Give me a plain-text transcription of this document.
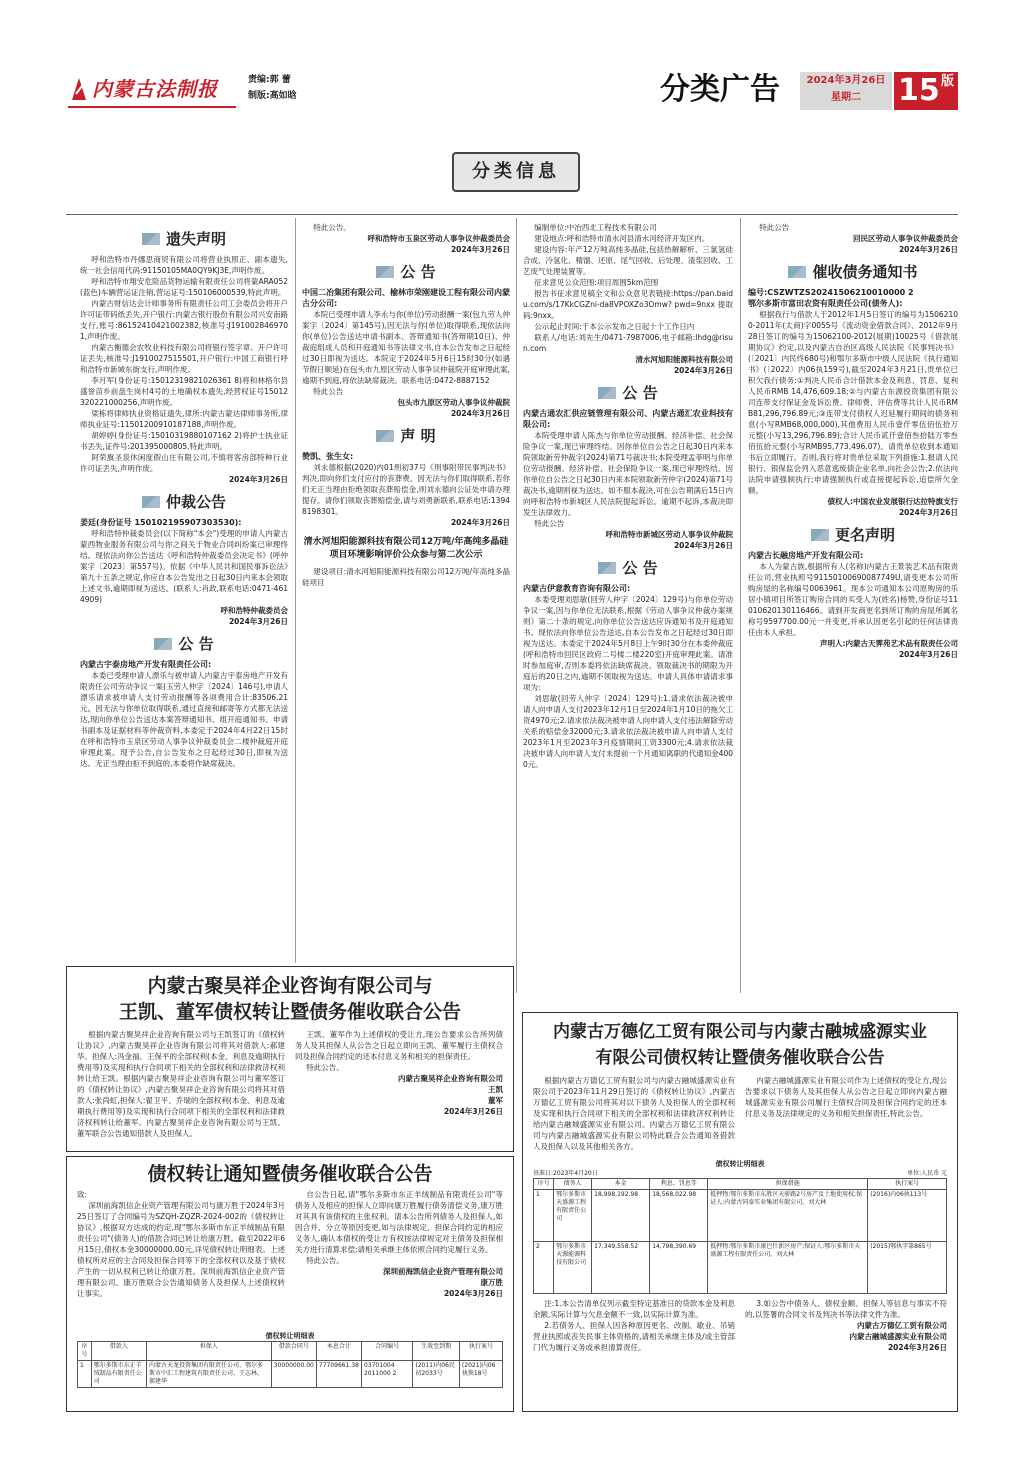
内蒙古法制报	责编:郭 蕾
制版:高如晗	分类广告	2024年3月26日
星期二	15 版
分类信息
遗失声明

呼和浩特市丹娜思商贸有限公司将营业执照正、副本遗失,统一社会信用代码:91150105MA0QY9KJ3E,声明作废。

呼和浩特市翔安危险品货物运输有限责任公司将蒙ARA052(蓝色)车辆营运证注销,营运证号:150106000539,特此声明。

内蒙古财信达会计师事务所有限责任公司工会委员会将开户许可证带码纸丢失,开户银行:内蒙古银行股份有限公司兴安南路支行,账号:86152410421002382,核准号:J1910028469701,声明作废。

内蒙古衡德会农牧业科技有限公司将银行签字章、开户许可证丢失,核准号:J1910027515501,开户银行:中国工商银行呼和浩特市新城东街支行,声明作废。

李月军(身份证号:15012319821026361 8)将和林格尔县盛誉苗乡前盘生岗村4号的土地确权本遗失,经营权证号15012320221000256,声明作废。

梁栋将律师执业资格证遗失,律所:内蒙古蒙达律师事务所,律师执业证号:11501200910187188,声明作废。

胡婷婷(身份证号:15010319880107162 2)将护士执业证书丢失,证件号:201395000805,特此声明。

阿荣旗圣泉休闲度假山庄有限公司,不慎将客房部特种行业许可证丢失,声明作废。

2024年3月26日

仲裁公告

姜廷(身份证号 150102195907303530):

呼和浩特仲裁委员会(以下简称"本会")受理的申请人内蒙古蒙西物业服务有限公司与你之间关于物业合同纠纷案已审理终结。现依法向你公告送达《呼和浩特仲裁委员会决定书》(呼仲案字〔2023〕第557号)。依据《中华人民共和国民事诉讼法》第九十五条之规定,你应自本公告发出之日起30日内来本会领取上述文书,逾期即视为送达。(联系人:肖政,联系电话:0471-4614909)

呼和浩特仲裁委员会

2024年3月26日

公 告

内蒙古宇泰房地产开发有限责任公司:

本委已受理申请人漂乐与被申请人内蒙古宇泰房地产开发有限责任公司劳动争议一案(玉劳人仲字〔2024〕146号),申请人漂乐请求被申请人支付劳动报酬等各项费用合计:83506.21元。因无法与你单位取得联系,通过直接和邮寄等方式都无法送达,现向你单位公告送达本案答辩通知书、组开庭通知书、申请书副本及证据材料等仲裁资料,本委定于2024年4月22日15时在呼和浩特市玉泉区劳动人事争议仲裁委员会二楼仲裁庭开庭审理此案。现予公告,自公告发布之日起经过30日,即视为送达。无正当理由拒不到庭的,本委将作缺席裁决。

特此公告。

呼和浩特市玉泉区劳动人事争议仲裁委员会

2024年3月26日

公 告

中国二冶集团有限公司、榆林市荣刚建设工程有限公司内蒙古分公司:

本院已受理申请人李永与你(单位)劳动报酬一案(包九劳人仲案字〔2024〕第145号),因无法与你(单位)取得联系,现依法向你(单位)公告送达申请书副本、答辩通知书(答辩期10日)、仲裁庭组成人员和开庭通知书等法律文书,自本公告发布之日起经过30日即视为送达。本院定于2024年5月6日15时30分(如遇节假日顺延)在包头市九原区劳动人事争议仲裁院开庭审理此案,逾期不到庭,将依法缺席裁决。联系电话:0472-8887152

特此公告

包头市九原区劳动人事争议仲裁院

2024年3月26日

声 明

赞凯、张生女:

刘永德根据(2020)内01刑初37号《刑事附带民事判决书》判决,即向你们支付应付的丧葬费。因无法与你们取得联系,若你们无正当理由拒绝领取丧葬赔偿金,则刘永德向公证处申请办理提存。请你们领取丧葬赔偿金,请与刘勇新联系,联系电话:13948198301。

2024年3月26日

清水河旭阳能源科技有限公司12万吨/年高纯多晶硅项目环境影响评价公众参与第二次公示

建设项目:清水河旭阳能源科技有限公司12万吨/年高纯多晶硅项目

编制单位:中冶西北工程技术有限公司

建设地点:呼和浩特市清水河县清水河经济开发区内。

建设内容:年产12万吨高纯多晶硅,包括热解解析、三氯氢硅合成、冷氢化、精馏、还原、尾气回收、后处理、渣浆回收、工艺废气处理装置等。

征求意见公众范围:项目周围5km范围

报告书征求意见稿全文和公众意见表链接:https://pan.baidu.com/s/17KkCGZni-da8VPOXZo3Omw? pwd=9nxx 提取码:9nxx。

公示起止时间:于本公示发布之日起十个工作日内

联系人/电话:刘先生/0471-7987006,电子邮箱:lhdg@risun.com

清水河旭阳能源科技有限公司

2024年3月26日

公 告

内蒙古通农汇供应链管理有限公司、内蒙古通汇农业科技有限公司:

本院受理申请人陈杰与你单位劳动报酬、经济补偿、社会保险争议一案,现已审理终结。因你单位自公告之日起30日内来本院领取新劳仲裁字(2024)第71号裁决书;本院受理孟菲明与你单位劳动报酬、经济补偿、社会保险争议一案,现已审理终结。因你单位自公告之日起30日内来本院领取新劳仲字(2024)第71号裁决书,逾期则视为送达。如不服本裁决,可在公告期满后15日内向呼和浩特市新城区人民法院提起诉讼。逾期不起诉,本裁决即发生法律效力。

特此公告

呼和浩特市新城区劳动人事争议仲裁院

2024年3月26日

公 告

内蒙古伊意教育咨询有限公司:

本委受理刘思敏(回劳人仲字〔2024〕129号)与你单位劳动争议一案,因与你单位无法联系,根据《劳动人事争议仲裁办案规则》第二十条的规定,向你单位公告送达应诉通知书及开庭通知书。现依法向你单位公告送达,自本公告发布之日起经过30日即视为送达。本委定于2024年5月8日上午9时30分在本委仲裁庭(呼和浩特市回民区政府二号楼二楼220室)开庭审理此案。请准时参加庭审,否则本委将依法缺席裁决。领取裁决书的期限为开庭后的20日之内,逾期不领取视为送达。申请人具体申请请求事项为:

刘思敏(回劳人仲字〔2024〕129号):1.请求依法裁决被申请人向申请人支付2023年12月1日至2024年1月10日的拖欠工资4970元;2.请求依法裁决被申请人向申请人支付违法解除劳动关系的赔偿金32000元;3.请求依法裁决被申请人向申请人支付2023年1月至2023年3月疫情期间工资3300元;4.请求依法裁决被申请人向申请人支付未提前一个月通知离职的代通知金4000元。

特此公告

回民区劳动人事争议仲裁委员会

2024年3月26日

催收债务通知书

编号:CSZWTZS20241506210010000 2

鄂尔多斯市富田农资有限责任公司(债务人):

根据我行与借款人于2012年1月5日签订的编号为15062100-2011年(太商)字0055号《流动资金借款合同》、2012年9月28日签订的编号为15062100-2012(展期)10025号《借款展期协议》约定,以及内蒙古自治区高级人民法院《民事判决书》(〔2021〕内民终680号)和鄂尔多斯市中级人民法院《执行通知书》(〔2022〕内06执159号),截至2024年3月21日,贵单位已积欠我行债务:①判决人民币合计借款本金及利息、罚息、复利人民币RMB 14,476,609.18;②与内蒙古东源投资集团有限公司连带支付保证金及诉讼费、律师费、评估费等共计人民币RMB81,296,796.89元;③连带支付债权人迟延履行期间的债务利息(小写RMB68,000,000),其他费用人民币壹仟零伍佰伍拾万元整(小写13,296,796.89);合计人民币贰仟壹佰叁拾陆万零叁佰伍拾元整(小写RMB95,773,496.07)。请贵单位收到本通知书后立即履行。否则,我行将对贵单位采取下列措施:1.报请人民银行、银保监会列入恶意逃废债企业名单,向社会公告;2.依法向法院申请强制执行;申请强制执行或直接提起诉讼,追偿所欠金额。

债权人:中国农业发展银行达拉特旗支行

2024年3月26日

更名声明

内蒙古长融房地产开发有限公司:

本人为蒙古族,根据所有人(名称)内蒙古王景装艺术品有限责任公司,营业执照号91150100690087749U,请变更本公司所购房屋的名称编号0063961。现本公司通知本公司原购房的乐居小镇项目所签订购房合同的买受人为(姓名)杨赞,身份证号11010620130116466。请到开发商更名到所订购的房屋所属名称号9597700.00元一并变更,并承认因更名引起的任何法律责任由本人承担。

声明人:内蒙古天霁苑艺术品有限责任公司

2024年3月26日

内蒙古聚昊祥企业咨询有限公司与
王凯、董军债权转让暨债务催收联合公告

根据内蒙古聚昊祥企业咨询有限公司与王凯签订的《债权转让协议》,内蒙古聚昊祥企业咨询有限公司将其对借款人:郝建华、担保人:冯金福、王保平的全部权利(本金、利息及逾期执行费用等)及实现和执行合同项下相关的全部权利和法律救济权利转让给王凯。根据内蒙古聚昊祥企业咨询有限公司与董军签订的《债权转让协议》,内蒙古聚昊祥企业咨询有限公司将其对借款人:张尚虹,担保人:翟卫平、乔瑞的全部权利(本金、利息及逾期执行费用等)及实现和执行合同项下相关的全部权利和法律救济权利转让给董军。内蒙古聚昊祥企业咨询有限公司与王凯、董军联合公告通知借款人及担保人。

王凯、董军作为上述债权的受让方,现公告要求公告所列债务人及其担保人从公告之日起立即向王凯、董军履行主债权合同及担保合同约定的还本付息义务和相关的担保责任。

特此公告。

内蒙古聚昊祥企业咨询有限公司

王凯

董军

2024年3月26日

债权转让通知暨债务催收联合公告

致:

深圳前海凯信企业资产管理有限公司与康万胜于2024年3月25日签订了合同编号为SZQH-ZQZR-2024-002的《债权转让协议》,根据双方达成的约定,现"鄂尔多斯市东正羊绒制品有限责任公司"(债务人)的借款合同已转让给康万胜。截至2022年6月15日,债权本金30000000.00元,详见债权转让明细表。上述债权所对应的主合同及担保合同等下的全部权利以及基于债权产生的一切从权利已转让给康万胜。深圳前海凯信企业资产管理有限公司、康万胜联合公告通知债务人及担保人上述债权转让事实。

自公告日起,请"鄂尔多斯市东正羊绒制品有限责任公司"等债务人及相应的担保人立即向康万胜履行债务清偿义务,康万胜对其具有该债权的主张权利。请本公告所列债务人及担保人,如因合并、分立等原因变更,如与法律规定、担保合同约定的相应义务人,确认本债权的受让方有权按法律规定对主债务及担保相关方进行清算求偿;请相关承继主体依照合同约定履行义务。

特此公告。

深圳前海凯信企业资产管理有限公司

康万胜

2024年3月26日

债权转让明细表
序号	借款人	担保人	借款合同号	本息合计	合同编号	生效至到期	执行案号
1	鄂尔多斯市东正羊绒制品有限责任公司	内蒙古天龙投资集团有限责任公司、鄂尔多斯市中汇工程建筑有限责任公司、王志林、郝建华	30000000.00	77709661.38	03701004 2011000 2	(2011)内06民初2033号	(2021)内06执恢18号
内蒙古万德亿工贸有限公司与内蒙古融城盛源实业
有限公司债权转让暨债务催收联合公告

根据内蒙古万德亿工贸有限公司与内蒙古融城盛源实业有限公司于2023年11月29日签订的《债权转让协议》,内蒙古万德亿工贸有限公司将其对以下债务人及担保人的全部权利及实现和执行合同项下相关的全部权利和法律救济权利转让给内蒙古融城盛源实业有限公司。内蒙古万德亿工贸有限公司与内蒙古融城盛源实业有限公司特此联合公告通知各借款人及担保人以及其他相关各方。

内蒙古融城盛源实业有限公司作为上述债权的受让方,现公告要求以下债务人及其担保人从公告之日起立即向内蒙古融城盛源实业有限公司履行主债权合同及担保合同约定的还本付息义务及法律规定的义务和相关担保责任,特此公告。

债权转让明细表
基准日:2023年4月20日	单位:人民币 元
序号	债务人	本金	利息、罚息等	担保措施	执行案号
1	鄂尔多斯市天盛源工程有限责任公司	18,998,192.98	18,568,022.98	抵押物:鄂尔多斯市东胜区天骄路2号房产及土地使用权;保证人:内蒙古同泰实业集团有限公司、刘大林	(2016)内06执113号
2	鄂尔多斯市天源能源科技有限公司	17,349,558.52	14,798,390.69	抵押物:鄂尔多斯市康巴什新区房产;保证人:鄂尔多斯市天盛源工程有限责任公司、刘大林	(2015)鄂执字第865号

注:1.本公告清单仅列示截至特定基准日的贷款本金及利息余额,实际计算与欠息金额不一致,以实际计算为准。

2.若债务人、担保人因各种原因更名、改制、歇业、吊销营业执照或丧失民事主体资格的,请相关承继主体及/或主管部门代为履行义务或承担清算责任。

3.如公告中债务人、债权金额、担保人等信息与事实不符的,以签署的合同文书及判决书等法律文件为准。

内蒙古万德亿工贸有限公司

内蒙古融城盛源实业有限公司

2024年3月26日
